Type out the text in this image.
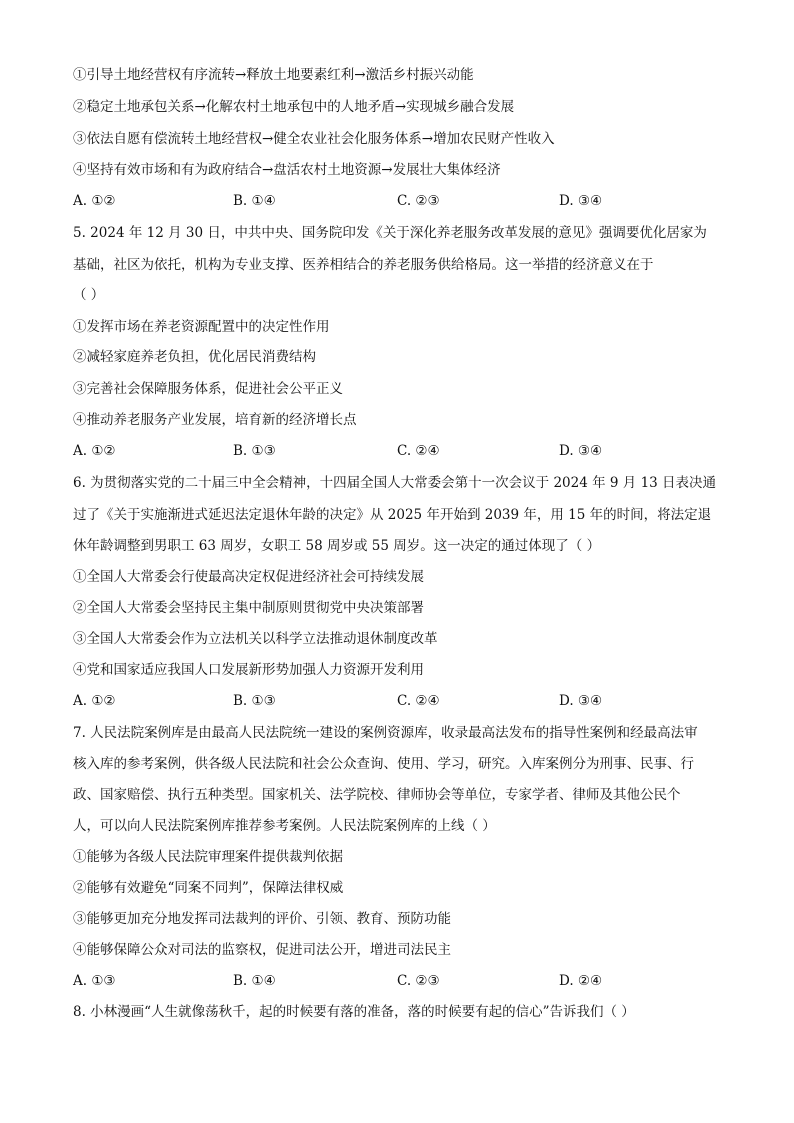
①引导土地经营权有序流转→释放土地要素红利→激活乡村振兴动能
②稳定土地承包关系→化解农村土地承包中的人地矛盾→实现城乡融合发展
③依法自愿有偿流转土地经营权→健全农业社会化服务体系→增加农民财产性收入
④坚持有效市场和有为政府结合→盘活农村土地资源→发展壮大集体经济
A. ①②	B. ①④	C. ②③	D. ③④
5. 2024 年 12 月 30 日，中共中央、国务院印发《关于深化养老服务改革发展的意见》强调要优化居家为
基础，社区为依托，机构为专业支撑、医养相结合的养老服务供给格局。这一举措的经济意义在于
（ ）
①发挥市场在养老资源配置中的决定性作用
②减轻家庭养老负担，优化居民消费结构
③完善社会保障服务体系，促进社会公平正义
④推动养老服务产业发展，培育新的经济增长点
A. ①②	B. ①③	C. ②④	D. ③④
6. 为贯彻落实党的二十届三中全会精神，十四届全国人大常委会第十一次会议于 2024 年 9 月 13 日表决通
过了《关于实施渐进式延迟法定退休年龄的决定》从 2025 年开始到 2039 年，用 15 年的时间，将法定退
休年龄调整到男职工 63 周岁，女职工 58 周岁或 55 周岁。这一决定的通过体现了（ ）
①全国人大常委会行使最高决定权促进经济社会可持续发展
②全国人大常委会坚持民主集中制原则贯彻党中央决策部署
③全国人大常委会作为立法机关以科学立法推动退休制度改革
④党和国家适应我国人口发展新形势加强人力资源开发利用
A. ①②	B. ①③	C. ②④	D. ③④
7. 人民法院案例库是由最高人民法院统一建设的案例资源库，收录最高法发布的指导性案例和经最高法审
核入库的参考案例，供各级人民法院和社会公众查询、使用、学习，研究。入库案例分为刑事、民事、行
政、国家赔偿、执行五种类型。国家机关、法学院校、律师协会等单位，专家学者、律师及其他公民个
人，可以向人民法院案例库推荐参考案例。人民法院案例库的上线（ ）
①能够为各级人民法院审理案件提供裁判依据
②能够有效避免“同案不同判”，保障法律权威
③能够更加充分地发挥司法裁判的评价、引领、教育、预防功能
④能够保障公众对司法的监察权，促进司法公开，增进司法民主
A. ①③	B. ①④	C. ②③	D. ②④
8. 小林漫画“人生就像荡秋千，起的时候要有落的准备，落的时候要有起的信心”告诉我们（ ）
